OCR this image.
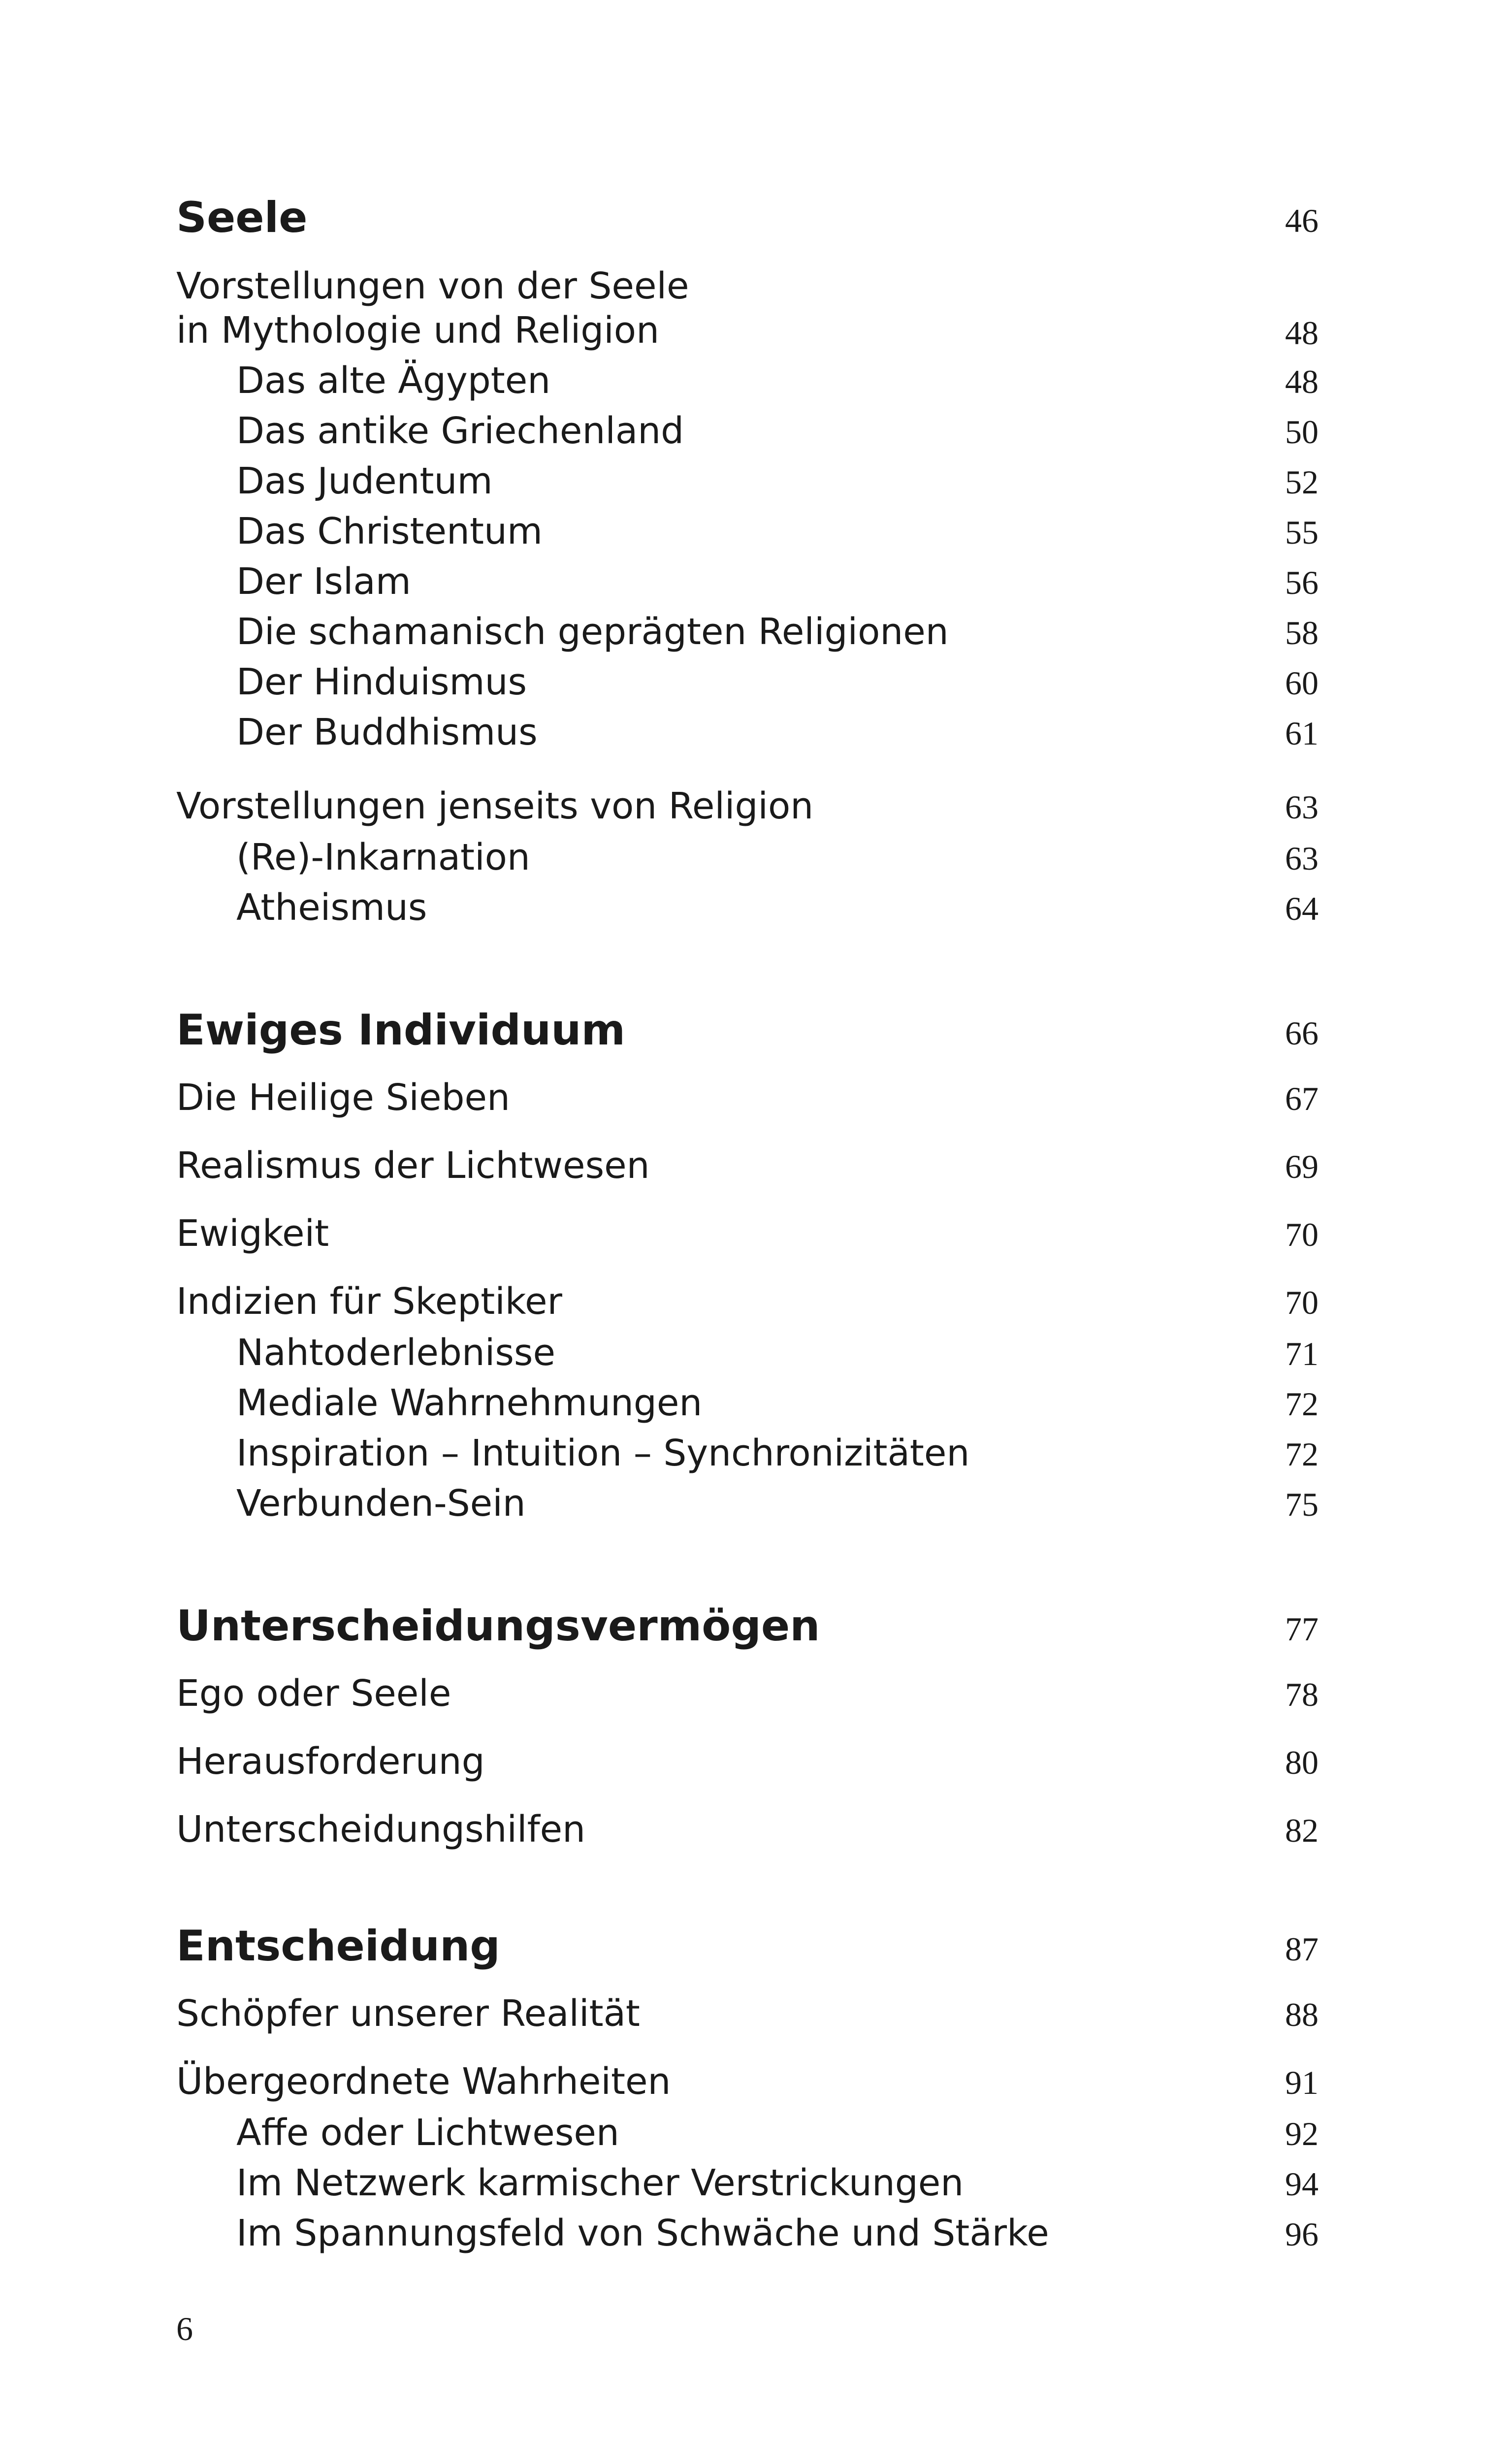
Seele	46
Vorstellungen von der Seele
in Mythologie und Religion	48
Das alte Ägypten	48
Das antike Griechenland	50
Das Judentum	52
Das Christentum	55
Der Islam	56
Die schamanisch geprägten Religionen	58
Der Hinduismus	60
Der Buddhismus	61
Vorstellungen jenseits von Religion	63
(Re)-Inkarnation	63
Atheismus	64
Ewiges Individuum	66
Die Heilige Sieben	67
Realismus der Lichtwesen	69
Ewigkeit	70
Indizien für Skeptiker	70
Nahtoderlebnisse	71
Mediale Wahrnehmungen	72
Inspiration – Intuition – Synchronizitäten	72
Verbunden-Sein	75
Unterscheidungsvermögen	77
Ego oder Seele	78
Herausforderung	80
Unterscheidungshilfen	82
Entscheidung	87
Schöpfer unserer Realität	88
Übergeordnete Wahrheiten	91
Affe oder Lichtwesen	92
Im Netzwerk karmischer Verstrickungen	94
Im Spannungsfeld von Schwäche und Stärke	96
6
